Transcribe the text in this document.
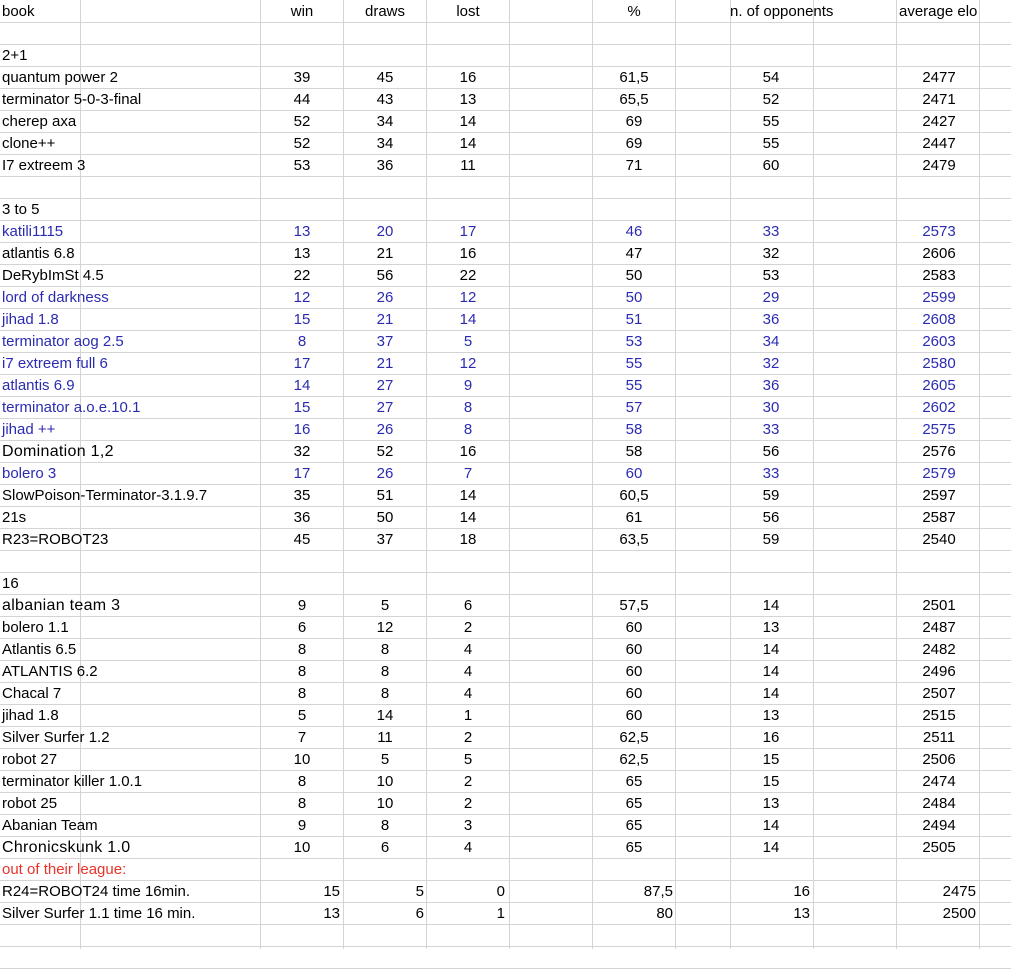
book	win	draws	lost	%	n. of opponents	average elo
2+1
quantum power 2	39	45	16	61,5	54	2477
terminator 5-0-3-final	44	43	13	65,5	52	2471
cherep axa	52	34	14	69	55	2427
clone++	52	34	14	69	55	2447
I7 extreem 3	53	36	11	71	60	2479
3 to 5
katili1115	13	20	17	46	33	2573
atlantis 6.8	13	21	16	47	32	2606
DeRybImSt 4.5	22	56	22	50	53	2583
lord of darkness	12	26	12	50	29	2599
jihad 1.8	15	21	14	51	36	2608
terminator aog 2.5	8	37	5	53	34	2603
i7 extreem full 6	17	21	12	55	32	2580
atlantis 6.9	14	27	9	55	36	2605
terminator a.o.e.10.1	15	27	8	57	30	2602
jihad ++	16	26	8	58	33	2575
Domination 1,2	32	52	16	58	56	2576
bolero 3	17	26	7	60	33	2579
SlowPoison-Terminator-3.1.9.7	35	51	14	60,5	59	2597
21s	36	50	14	61	56	2587
R23=ROBOT23	45	37	18	63,5	59	2540
16
albanian team 3	9	5	6	57,5	14	2501
bolero 1.1	6	12	2	60	13	2487
Atlantis 6.5	8	8	4	60	14	2482
ATLANTIS 6.2	8	8	4	60	14	2496
Chacal 7	8	8	4	60	14	2507
jihad 1.8	5	14	1	60	13	2515
Silver Surfer 1.2	7	11	2	62,5	16	2511
robot 27	10	5	5	62,5	15	2506
terminator killer 1.0.1	8	10	2	65	15	2474
robot 25	8	10	2	65	13	2484
Abanian Team	9	8	3	65	14	2494
Chronicskunk 1.0	10	6	4	65	14	2505
out of their league:
R24=ROBOT24 time 16min.	15	5	0	87,5	16	2475
Silver Surfer 1.1 time 16 min.	13	6	1	80	13	2500
